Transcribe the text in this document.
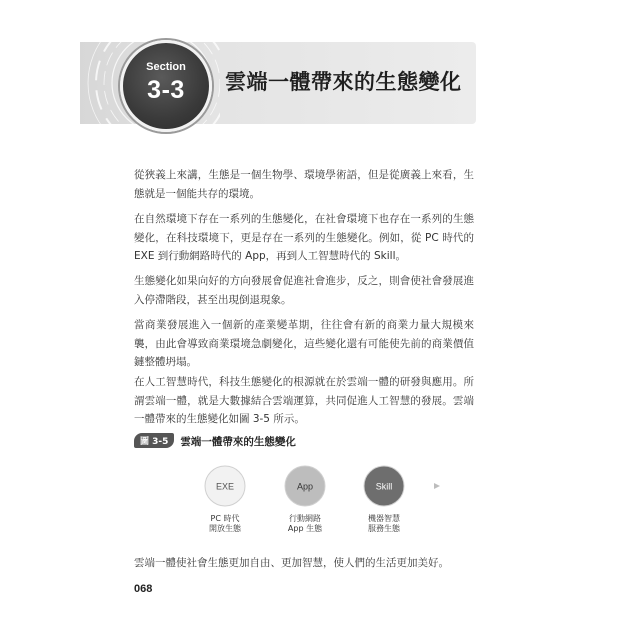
Section
3-3	雲端一體帶來的生態變化

從狹義上來講，生態是一個生物學、環境學術語，但是從廣義上來看，生態就是一個能共存的環境。

在自然環境下存在一系列的生態變化，在社會環境下也存在一系列的生態變化，在科技環境下，更是存在一系列的生態變化。例如，從 PC 時代的 EXE 到行動網路時代的 App，再到人工智慧時代的 Skill。

生態變化如果向好的方向發展會促進社會進步，反之，則會使社會發展進入停滯階段，甚至出現倒退現象。

當商業發展進入一個新的產業變革期，往往會有新的商業力量大規模來襲，由此會導致商業環境急劇變化，這些變化還有可能使先前的商業價值鏈整體坍塌。

在人工智慧時代，科技生態變化的根源就在於雲端一體的研發與應用。所謂雲端一體，就是大數據結合雲端運算，共同促進人工智慧的發展。雲端一體帶來的生態變化如圖 3-5 所示。

圖 3-5 雲端一體帶來的生態變化
EXE	App	Skill
PC 時代
開放生態
行動網路
App 生態
機器智慧
服務生態
雲端一體使社會生態更加自由、更加智慧，使人們的生活更加美好。
068
